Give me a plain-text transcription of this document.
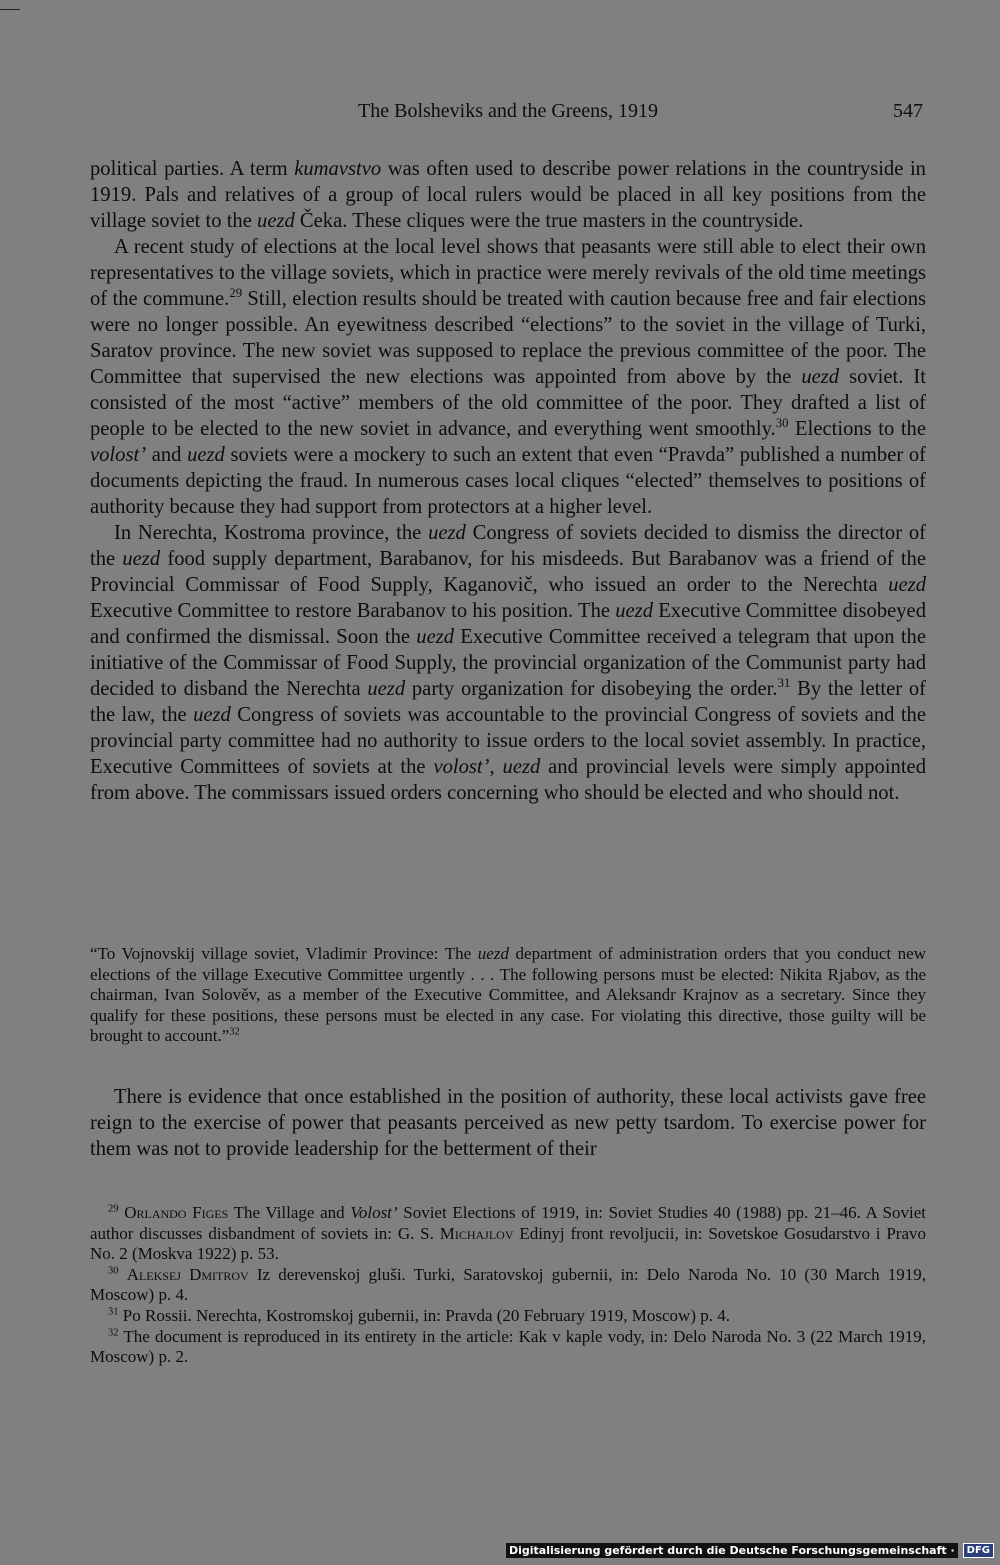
The Bolsheviks and the Greens, 1919	547

political parties. A term kumavstvo was often used to describe power relations in the countryside in 1919. Pals and relatives of a group of local rulers would be placed in all key positions from the village soviet to the uezd Čeka. These cliques were the true masters in the countryside.

A recent study of elections at the local level shows that peasants were still able to elect their own representatives to the village soviets, which in practice were merely revivals of the old time meetings of the commune.$^{29}$ Still, election results should be treated with caution because free and fair elections were no longer possible. An eyewitness described “elections” to the soviet in the village of Turki, Saratov province. The new soviet was supposed to replace the previous committee of the poor. The Committee that supervised the new elections was appointed from above by the uezd soviet. It consisted of the most “active” members of the old committee of the poor. They drafted a list of people to be elected to the new soviet in advance, and everything went smoothly.$^{30}$ Elections to the volost’ and uezd soviets were a mockery to such an extent that even “Pravda” published a number of documents depicting the fraud. In numerous cases local cliques “elected” themselves to positions of authority because they had support from protectors at a higher level.

In Nerechta, Kostroma province, the uezd Congress of soviets decided to dismiss the director of the uezd food supply department, Barabanov, for his misdeeds. But Barabanov was a friend of the Provincial Commissar of Food Supply, Kaganovič, who issued an order to the Nerechta uezd Executive Committee to restore Barabanov to his position. The uezd Executive Committee disobeyed and confirmed the dismissal. Soon the uezd Executive Committee received a telegram that upon the initiative of the Commissar of Food Supply, the provincial organization of the Communist party had decided to disband the Nerechta uezd party organization for disobeying the order.$^{31}$ By the letter of the law, the uezd Congress of soviets was accountable to the provincial Congress of soviets and the provincial party committee had no authority to issue orders to the local soviet assembly. In practice, Executive Committees of soviets at the volost’, uezd and provincial levels were simply appointed from above. The commissars issued orders concerning who should be elected and who should not.

“To Vojnovskij village soviet, Vladimir Province: The uezd department of administration orders that you conduct new elections of the village Executive Committee urgently . . . The following persons must be elected: Nikita Rjabov, as the chairman, Ivan Solověv, as a member of the Executive Committee, and Aleksandr Krajnov as a secretary. Since they qualify for these positions, these persons must be elected in any case. For violating this directive, those guilty will be brought to account.”$^{32}$

There is evidence that once established in the position of authority, these local activists gave free reign to the exercise of power that peasants perceived as new petty tsardom. To exercise power for them was not to provide leadership for the betterment of their

$^{29}$ Orlando Figes The Village and Volost’ Soviet Elections of 1919, in: Soviet Studies 40 (1988) pp. 21–46. A Soviet author discusses disbandment of soviets in: G. S. Michajlov Edinyj front revoljucii, in: Sovetskoe Gosudarstvo i Pravo No. 2 (Moskva 1922) p. 53.

$^{30}$ Aleksej Dmitrov Iz derevenskoj gluši. Turki, Saratovskoj gubernii, in: Delo Naroda No. 10 (30 March 1919, Moscow) p. 4.

$^{31}$ Po Rossii. Nerechta, Kostromskoj gubernii, in: Pravda (20 February 1919, Moscow) p. 4.

$^{32}$ The document is reproduced in its entirety in the article: Kak v kaple vody, in: Delo Naroda No. 3 (22 March 1919, Moscow) p. 2.

Digitalisierung gefördert durch die Deutsche Forschungsgemeinschaft ·	DFG
